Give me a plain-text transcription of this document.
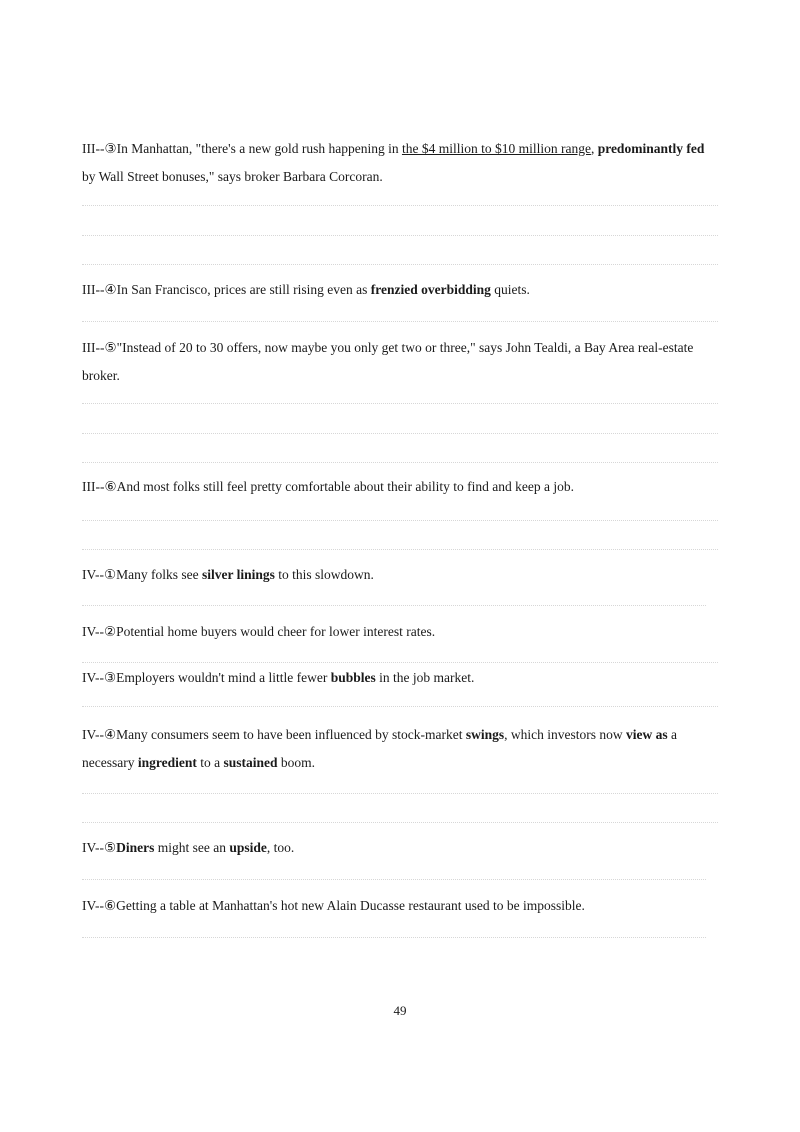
III--③In Manhattan, "there's a new gold rush happening in the $4 million to $10 million range, predominantly fed by Wall Street bonuses," says broker Barbara Corcoran.

III--④In San Francisco, prices are still rising even as frenzied overbidding quiets.

III--⑤"Instead of 20 to 30 offers, now maybe you only get two or three," says John Tealdi, a Bay Area real-estate broker.

III--⑥And most folks still feel pretty comfortable about their ability to find and keep a job.

IV--①Many folks see silver linings to this slowdown.

IV--②Potential home buyers would cheer for lower interest rates.

IV--③Employers wouldn't mind a little fewer bubbles in the job market.

IV--④Many consumers seem to have been influenced by stock-market swings, which investors now view as a necessary ingredient to a sustained boom.

IV--⑤Diners might see an upside, too.

IV--⑥Getting a table at Manhattan's hot new Alain Ducasse restaurant used to be impossible.

49
